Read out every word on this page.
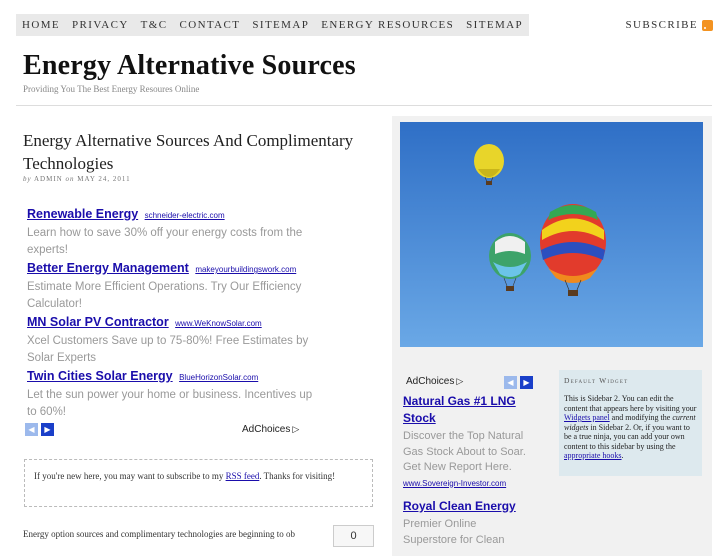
HOME	PRIVACY	T&C	CONTACT	SITEMAP	ENERGY RESOURCES	SITEMAP	SUBSCRIBE
Energy Alternative Sources
Providing You The Best Energy Resoures Online
Energy Alternative Sources And Complimentary Technologies
by ADMIN on MAY 24, 2011
Renewable Energy schneider-electric.com
Learn how to save 30% off your energy costs from the experts!
Better Energy Management makeyourbuildingswork.com
Estimate More Efficient Operations. Try Our Efficiency Calculator!
MN Solar PV Contractor www.WeKnowSolar.com
Xcel Customers Save up to 75-80%! Free Estimates by Solar Experts
Twin Cities Solar Energy BlueHorizonSolar.com
Let the sun power your home or business. Incentives up to 60%!
◀	▶	AdChoices ▷
If you're new here, you may want to subscribe to my RSS feed. Thanks for visiting!
Energy option sources and complimentary technologies are beginning to ob	0
AdChoices ▷	◀	▶
Natural Gas #1 LNG Stock
Discover the Top Natural Gas Stock About to Soar. Get New Report Here.
www.Sovereign-Investor.com
Royal Clean Energy
Premier Online Superstore for Clean
Default Widget
This is Sidebar 2. You can edit the content that appears here by visiting your Widgets panel and modifying the current widgets in Sidebar 2. Or, if you want to be a true ninja, you can add your own content to this sidebar by using the appropriate hooks.
